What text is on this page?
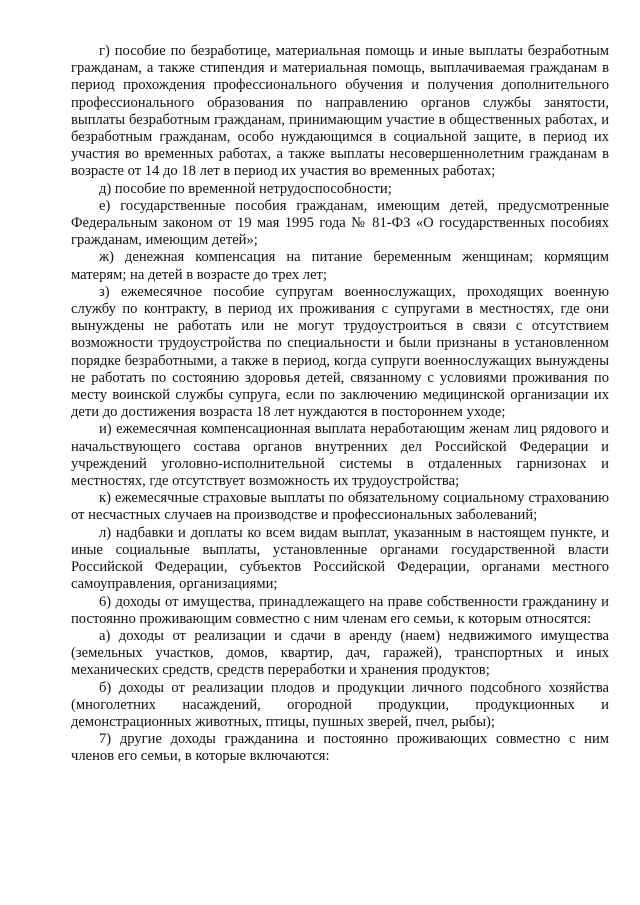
г) пособие по безработице, материальная помощь и иные выплаты безработным гражданам, а также стипендия и материальная помощь, выплачиваемая гражданам в период прохождения профессионального обучения и получения дополнительного профессионального образования по направлению органов службы занятости, выплаты безработным гражданам, принимающим участие в общественных работах, и безработным гражданам, особо нуждающимся в социальной защите, в период их участия во временных работах, а также выплаты несовершеннолетним гражданам в возрасте от 14 до 18 лет в период их участия во временных работах;

д) пособие по временной нетрудоспособности;

е) государственные пособия гражданам, имеющим детей, предусмотренные Федеральным законом от 19 мая 1995 года № 81-ФЗ «О государственных пособиях гражданам, имеющим детей»;

ж) денежная компенсация на питание беременным женщинам; кормящим матерям; на детей в возрасте до трех лет;

з) ежемесячное пособие супругам военнослужащих, проходящих военную службу по контракту, в период их проживания с супругами в местностях, где они вынуждены не работать или не могут трудоустроиться в связи с отсутствием возможности трудоустройства по специальности и были признаны в установленном порядке безработными, а также в период, когда супруги военнослужащих вынуждены не работать по состоянию здоровья детей, связанному с условиями проживания по месту воинской службы супруга, если по заключению медицинской организации их дети до достижения возраста 18 лет нуждаются в постороннем уходе;

и) ежемесячная компенсационная выплата неработающим женам лиц рядового и начальствующего состава органов внутренних дел Российской Федерации и учреждений уголовно-исполнительной системы в отдаленных гарнизонах и местностях, где отсутствует возможность их трудоустройства;

к) ежемесячные страховые выплаты по обязательному социальному страхованию от несчастных случаев на производстве и профессиональных заболеваний;

л) надбавки и доплаты ко всем видам выплат, указанным в настоящем пункте, и иные социальные выплаты, установленные органами государственной власти Российской Федерации, субъектов Российской Федерации, органами местного самоуправления, организациями;

6) доходы от имущества, принадлежащего на праве собственности гражданину и постоянно проживающим совместно с ним членам его семьи, к которым относятся:

а) доходы от реализации и сдачи в аренду (наем) недвижимого имущества (земельных участков, домов, квартир, дач, гаражей), транспортных и иных механических средств, средств переработки и хранения продуктов;

б) доходы от реализации плодов и продукции личного подсобного хозяйства (многолетних насаждений, огородной продукции, продукционных и демонстрационных животных, птицы, пушных зверей, пчел, рыбы);

7) другие доходы гражданина и постоянно проживающих совместно с ним членов его семьи, в которые включаются:
